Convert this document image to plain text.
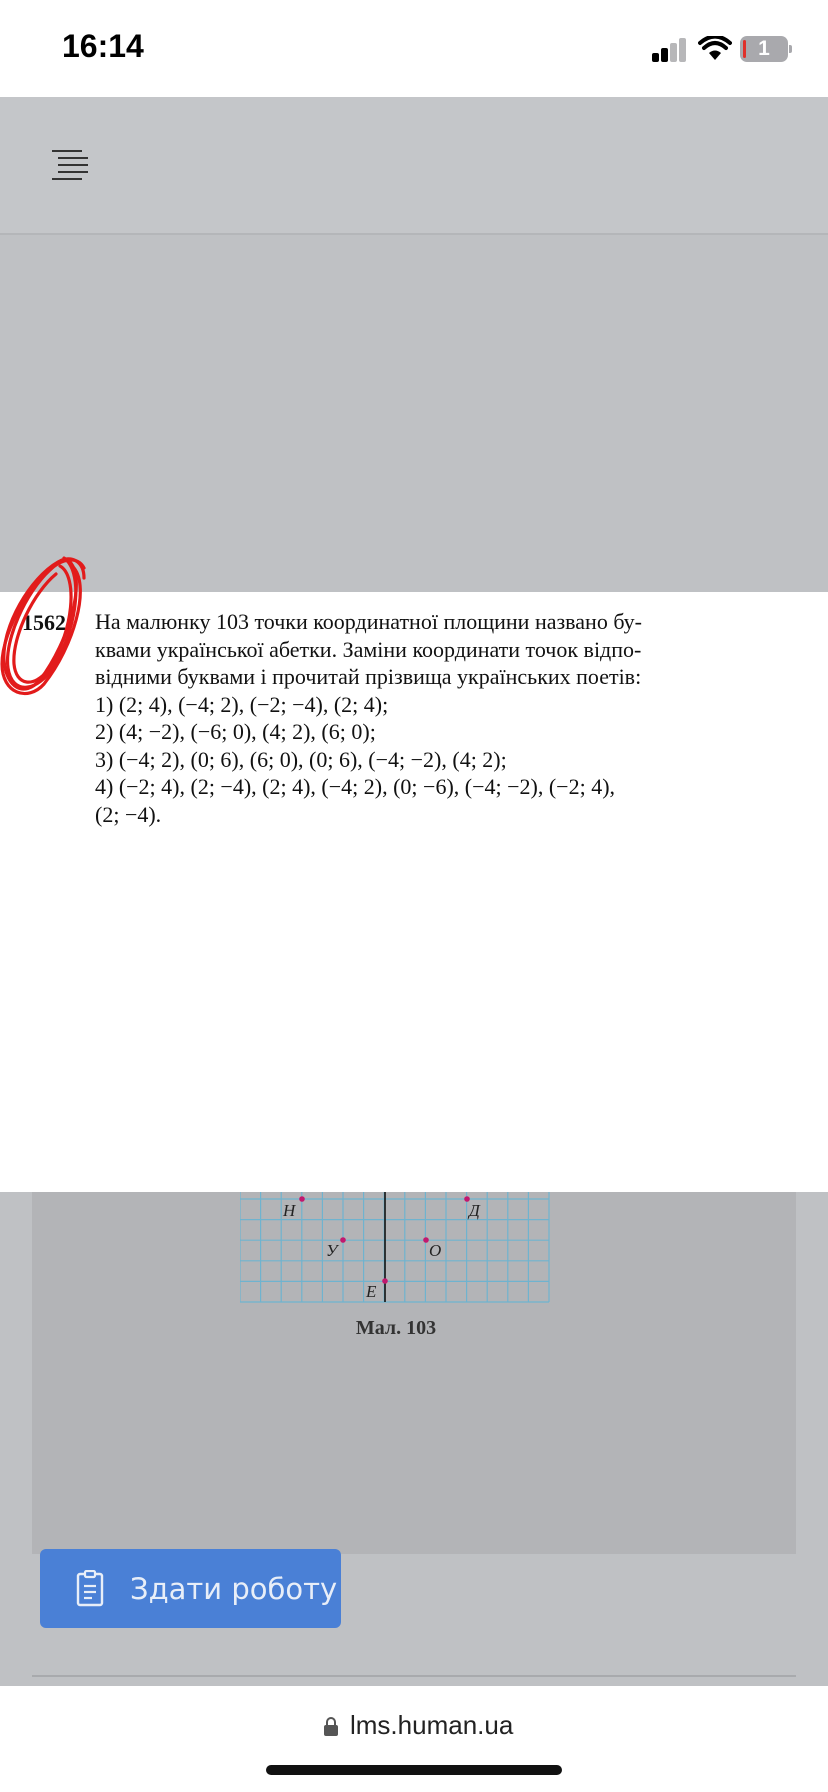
16:14	1
Н	Д
У	О
Е
Мал. 103
1562. На малюнку 103 точки координатної площини названо бу-
квами української абетки. Заміни координати точок відпо-
відними буквами і прочитай прізвища українських поетів:
1) (2; 4), (−4; 2), (−2; −4), (2; 4);
2) (4; −2), (−6; 0), (4; 2), (6; 0);
3) (−4; 2), (0; 6), (6; 0), (0; 6), (−4; −2), (4; 2);
4) (−2; 4), (2; −4), (2; 4), (−4; 2), (0; −6), (−4; −2), (−2; 4),
(2; −4).
Здати роботу
lms.human.ua
